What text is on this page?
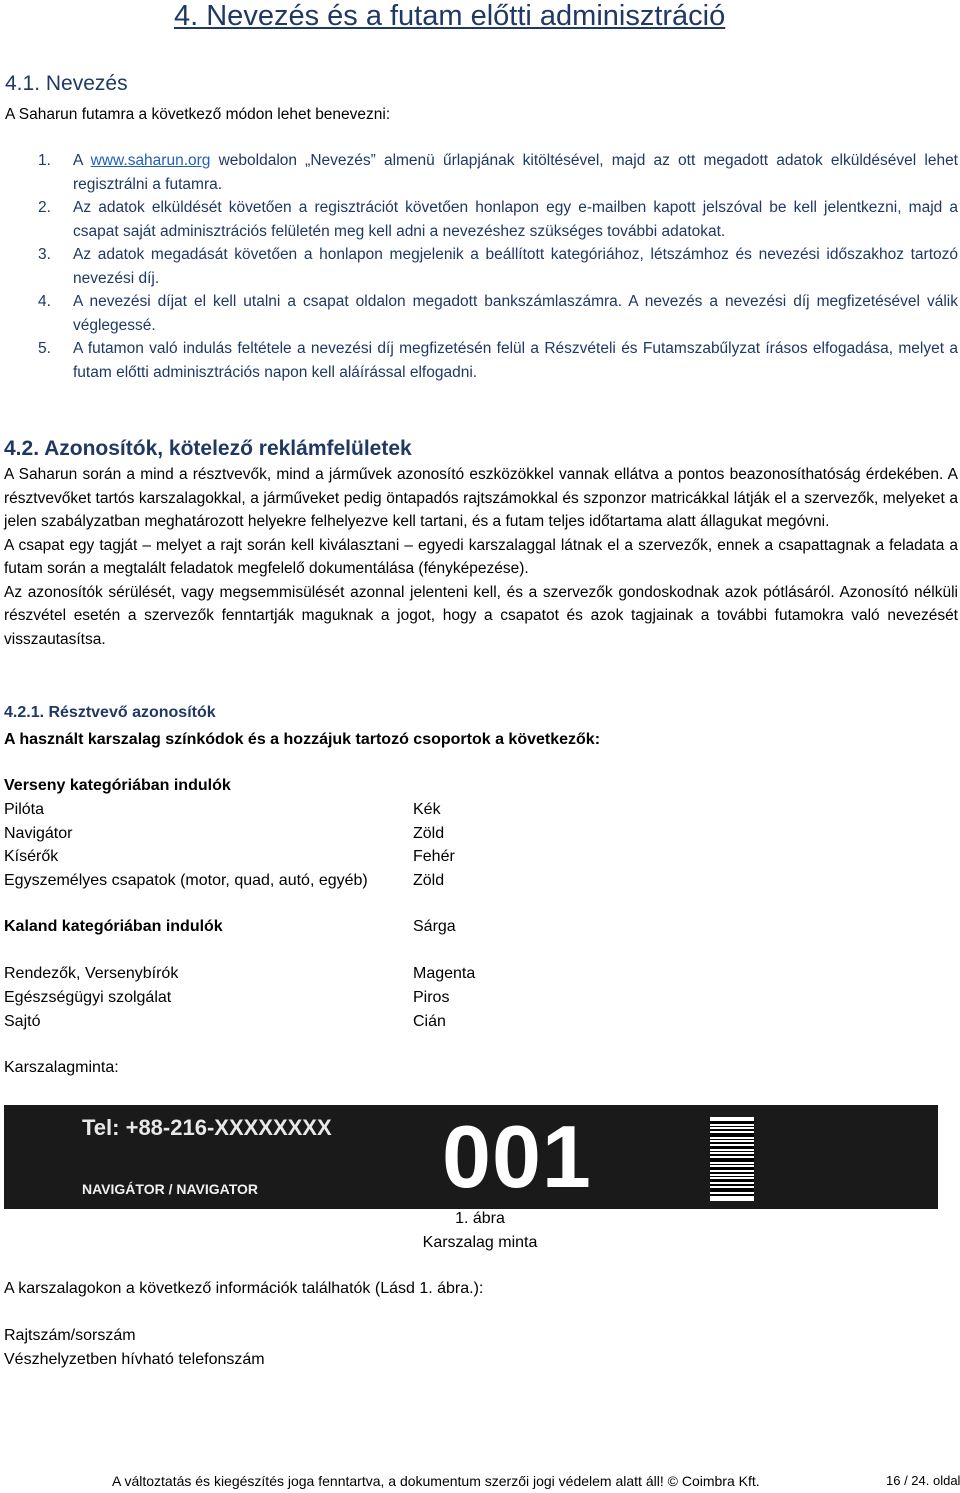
4. Nevezés és a futam előtti adminisztráció
4.1. Nevezés
A Saharun futamra a következő módon lehet benevezni:
1. A www.saharun.org weboldalon „Nevezés” almenü űrlapjának kitöltésével, majd az ott megadott adatok elküldésével lehet regisztrálni a futamra.
2. Az adatok elküldését követően a regisztrációt követően honlapon egy e-mailben kapott jelszóval be kell jelentkezni, majd a csapat saját adminisztrációs felületén meg kell adni a nevezéshez szükséges további adatokat.
3. Az adatok megadását követően a honlapon megjelenik a beállított kategóriához, létszámhoz és nevezési időszakhoz tartozó nevezési díj.
4. A nevezési díjat el kell utalni a csapat oldalon megadott bankszámlaszámra. A nevezés a nevezési díj megfizetésével válik véglegessé.
5. A futamon való indulás feltétele a nevezési díj megfizetésén felül a Részvételi és Futamszabűlyzat írásos elfogadása, melyet a futam előtti adminisztrációs napon kell aláírással elfogadni.
4.2. Azonosítók, kötelező reklámfelületek

A Saharun során a mind a résztvevők, mind a járművek azonosító eszközökkel vannak ellátva a pontos beazonosíthatóság érdekében. A résztvevőket tartós karszalagokkal, a járműveket pedig öntapadós rajtszámokkal és szponzor matricákkal látják el a szervezők, melyeket a jelen szabályzatban meghatározott helyekre felhelyezve kell tartani, és a futam teljes időtartama alatt állagukat megóvni.

A csapat egy tagját – melyet a rajt során kell kiválasztani – egyedi karszalaggal látnak el a szervezők, ennek a csapattagnak a feladata a futam során a megtalált feladatok megfelelő dokumentálása (fényképezése).

Az azonosítók sérülését, vagy megsemmisülését azonnal jelenteni kell, és a szervezők gondoskodnak azok pótlásáról. Azonosító nélküli részvétel esetén a szervezők fenntartják maguknak a jogot, hogy a csapatot és azok tagjainak a további futamokra való nevezését visszautasítsa.

4.2.1. Résztvevő azonosítók
A használt karszalag színkódok és a hozzájuk tartozó csoportok a következők:
Verseny kategóriában indulók
Pilóta	Kék
Navigátor	Zöld
Kísérők	Fehér
Egyszemélyes csapatok (motor, quad, autó, egyéb)	Zöld
Kaland kategóriában indulók	Sárga
Rendezők, Versenybírók	Magenta
Egészségügyi szolgálat	Piros
Sajtó	Cián
Karszalagminta:
Tel: +88-216-XXXXXXXX
NAVIGÁTOR / NAVIGATOR 001
1. ábra
Karszalag minta
A karszalagokon a következő információk találhatók (Lásd 1. ábra.):
Rajtszám/sorszám
Vészhelyzetben hívható telefonszám
A változtatás és kiegészítés joga fenntartva, a dokumentum szerzői jogi védelem alatt áll! © Coimbra Kft.	16 / 24. oldal
